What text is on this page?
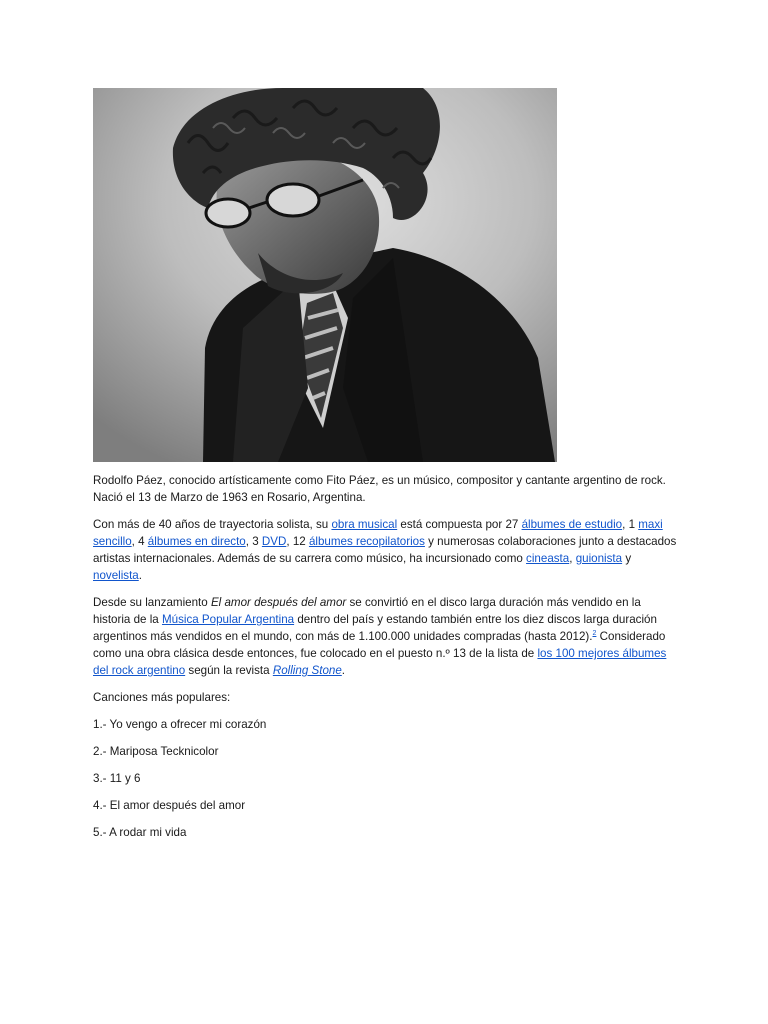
Rodolfo Páez, conocido artísticamente como Fito Páez, es un músico, compositor y cantante argentino de rock. Nació el 13 de Marzo de 1963 en Rosario, Argentina.

Con más de 40 años de trayectoria solista, su obra musical está compuesta por 27 álbumes de estudio, 1 maxi sencillo, 4 álbumes en directo, 3 DVD, 12 álbumes recopilatorios y numerosas colaboraciones junto a destacados artistas internacionales. Además de su carrera como músico, ha incursionado como cineasta, guionista y novelista.

Desde su lanzamiento El amor después del amor se convirtió en el disco larga duración más vendido en la historia de la Música Popular Argentina dentro del país y estando también entre los diez discos larga duración argentinos más vendidos en el mundo, con más de 1.100.000 unidades compradas (hasta 2012).$^2$ Considerado como una obra clásica desde entonces, fue colocado en el puesto n.º 13 de la lista de los 100 mejores álbumes del rock argentino según la revista Rolling Stone.

Canciones más populares:

1.- Yo vengo a ofrecer mi corazón

2.- Mariposa Tecknicolor

3.- 11 y 6

4.- El amor después del amor

5.- A rodar mi vida
